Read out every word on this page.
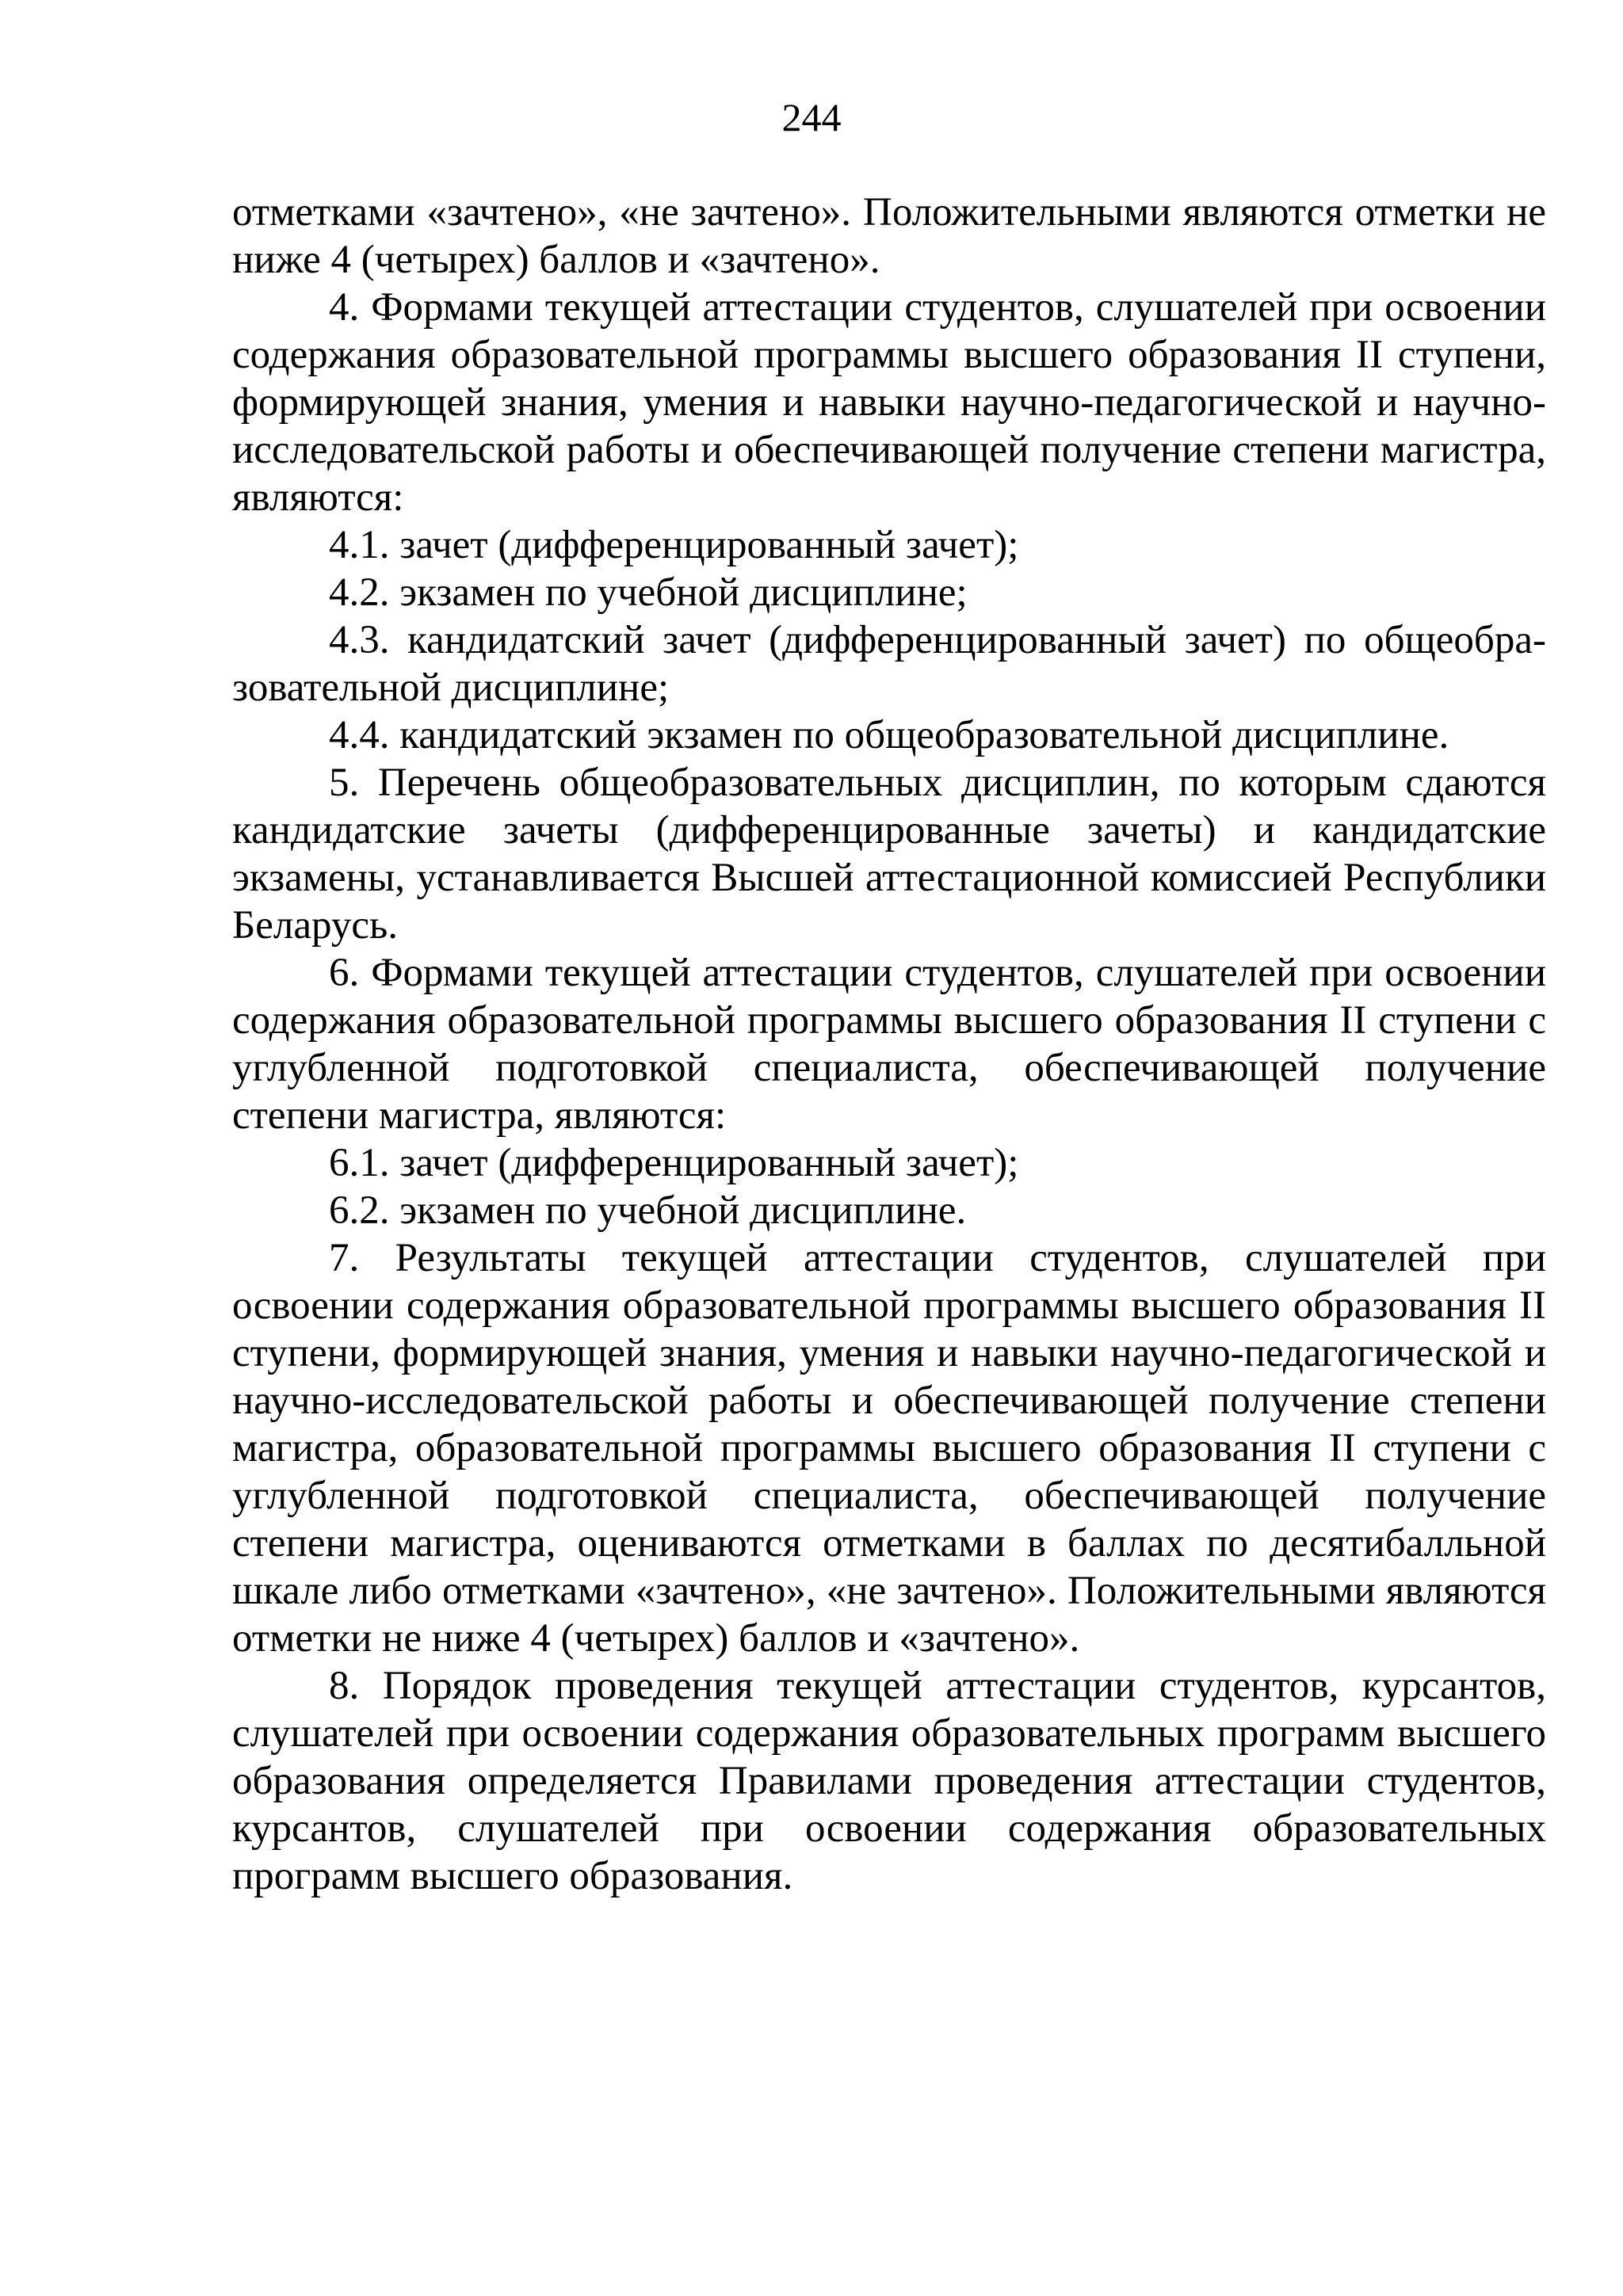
244

отметками «зачтено», «не зачтено». Положительными являются отметки не ниже 4 (четырех) баллов и «зачтено».

4. Формами текущей аттестации студентов, слушателей при освоении содержания образовательной программы высшего образования II ступени, формирующей знания, умения и навыки научно-педагогической и научно-исследовательской работы и обеспечивающей получение степени магистра, являются:

4.1. зачет (дифференцированный зачет);

4.2. экзамен по учебной дисциплине;

4.3. кандидатский зачет (дифференцированный зачет) по общеобра-зовательной дисциплине;

4.4. кандидатский экзамен по общеобразовательной дисциплине.

5. Перечень общеобразовательных дисциплин, по которым сдаются кандидатские зачеты (дифференцированные зачеты) и кандидатские экзамены, устанавливается Высшей аттестационной комиссией Республики Беларусь.

6. Формами текущей аттестации студентов, слушателей при освоении содержания образовательной программы высшего образования II ступени с углубленной подготовкой специалиста, обеспечивающей получение степени магистра, являются:

6.1. зачет (дифференцированный зачет);

6.2. экзамен по учебной дисциплине.

7. Результаты текущей аттестации студентов, слушателей при освоении содержания образовательной программы высшего образования II ступени, формирующей знания, умения и навыки научно-педагогической и научно-исследовательской работы и обеспечивающей получение степени магистра, образовательной программы высшего образования II ступени с углубленной подготовкой специалиста, обеспечивающей получение степени магистра, оцениваются отметками в баллах по десятибалльной шкале либо отметками «зачтено», «не зачтено». Положительными являются отметки не ниже 4 (четырех) баллов и «зачтено».

8. Порядок проведения текущей аттестации студентов, курсантов, слушателей при освоении содержания образовательных программ высшего образования определяется Правилами проведения аттестации студентов, курсантов, слушателей при освоении содержания образовательных программ высшего образования.
